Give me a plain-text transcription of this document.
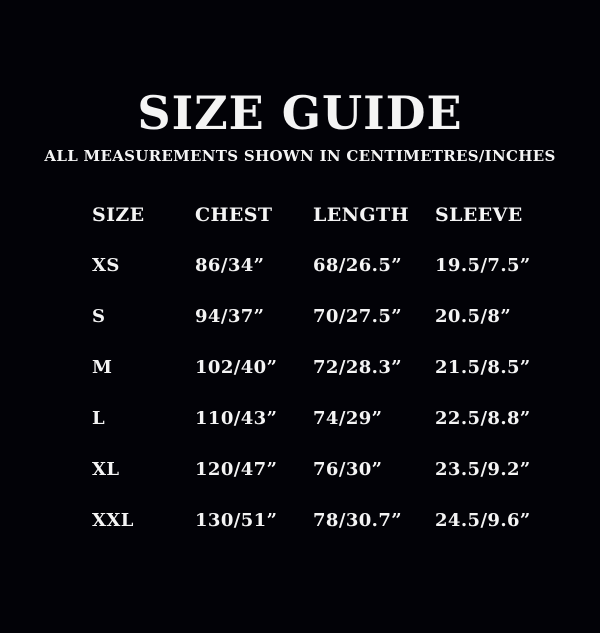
SIZE GUIDE
ALL MEASUREMENTS SHOWN IN CENTIMETRES/INCHES
SIZE	CHEST	LENGTH	SLEEVE
XS	86/34”	68/26.5”	19.5/7.5”
S	94/37”	70/27.5”	20.5/8”
M	102/40”	72/28.3”	21.5/8.5”
L	110/43”	74/29”	22.5/8.8”
XL	120/47”	76/30”	23.5/9.2”
XXL	130/51”	78/30.7”	24.5/9.6”
